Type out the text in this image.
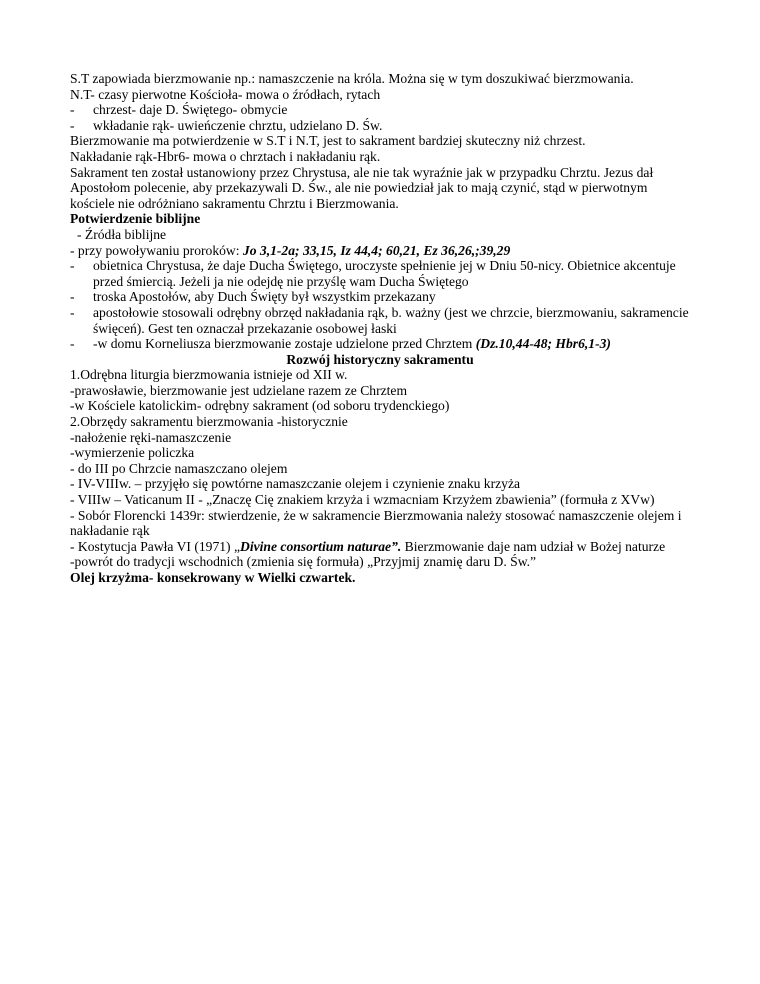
S.T zapowiada bierzmowanie np.: namaszczenie na króla. Można się w tym doszukiwać bierzmowania.

N.T- czasy pierwotne Kościoła- mowa o źródłach, rytach

- chrzest- daje D. Świętego- obmycie

- wkładanie rąk- uwieńczenie chrztu, udzielano D. Św.

Bierzmowanie ma potwierdzenie w S.T i N.T, jest to sakrament bardziej skuteczny niż chrzest.

Nakładanie rąk-Hbr6- mowa o chrztach i nakładaniu rąk.

Sakrament ten został ustanowiony przez Chrystusa, ale nie tak wyraźnie jak w przypadku Chrztu. Jezus dał Apostołom polecenie, aby przekazywali D. Św., ale nie powiedział jak to mają czynić, stąd w pierwotnym kościele nie odróżniano sakramentu Chrztu i Bierzmowania.

Potwierdzenie biblijne

- Źródła biblijne

- przy powoływaniu proroków: Jo 3,1-2a; 33,15, Iz 44,4; 60,21, Ez 36,26,;39,29

- obietnica Chrystusa, że daje Ducha Świętego, uroczyste spełnienie jej w Dniu 50-nicy. Obietnice akcentuje przed śmiercią. Jeżeli ja nie odejdę nie przyślę wam Ducha Świętego

- troska Apostołów, aby Duch Święty był wszystkim przekazany

- apostołowie stosowali odrębny obrzęd nakładania rąk, b. ważny (jest we chrzcie, bierzmowaniu, sakramencie święceń). Gest ten oznaczał przekazanie osobowej łaski

- -w domu Korneliusza bierzmowanie zostaje udzielone przed Chrztem (Dz.10,44-48; Hbr6,1-3)

Rozwój historyczny sakramentu

1.Odrębna liturgia bierzmowania istnieje od XII w.

-prawosławie, bierzmowanie jest udzielane razem ze Chrztem

-w Kościele katolickim- odrębny sakrament (od soboru trydenckiego)

2.Obrzędy sakramentu bierzmowania -historycznie

-nałożenie ręki-namaszczenie

-wymierzenie policzka

- do III po Chrzcie namaszczano olejem

- IV-VIIIw. – przyjęło się powtórne namaszczanie olejem i czynienie znaku krzyża

- VIIIw – Vaticanum II - „Znaczę Cię znakiem krzyża i wzmacniam Krzyżem zbawienia” (formuła z XVw)

- Sobór Florencki 1439r: stwierdzenie, że w sakramencie Bierzmowania należy stosować namaszczenie olejem i nakładanie rąk

- Kostytucja Pawła VI (1971) „Divine consortium naturae”. Bierzmowanie daje nam udział w Bożej naturze

-powrót do tradycji wschodnich (zmienia się formuła) „Przyjmij znamię daru D. Św.”

Olej krzyżma- konsekrowany w Wielki czwartek.
